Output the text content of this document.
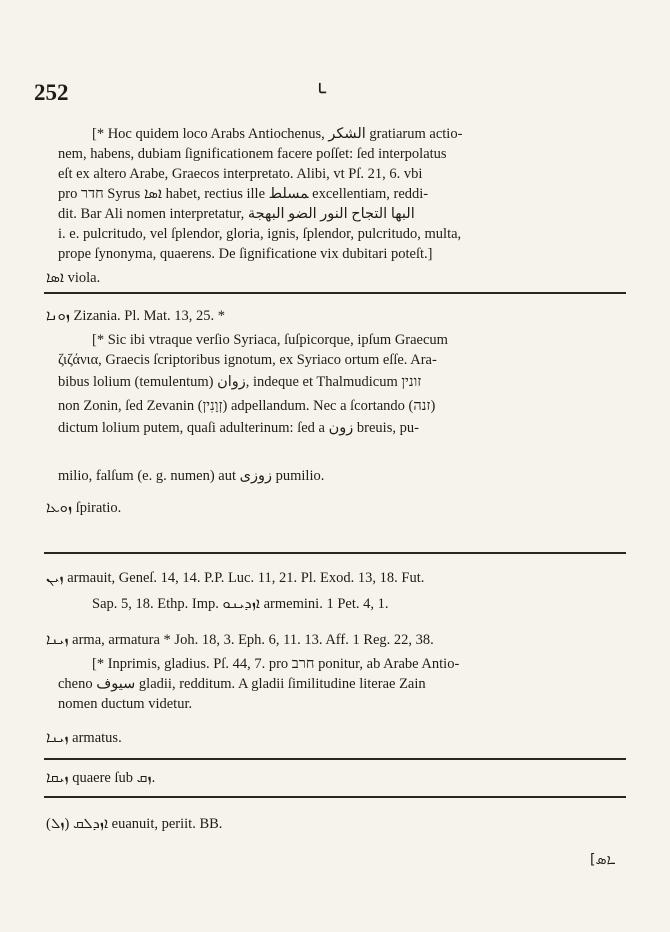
252	ـا
[* Hoc quidem loco Arabs Antiochenus, ﺍﻟﺸﻜﺮ gratiarum actio-
nem, habens, dubiam ſignificationem facere poſſet: ſed interpolatus
eſt ex altero Arabe, Graecos interpretato. Alibi, vt Pſ. 21, 6. vbi
pro חדר Syrus ܐܣܐ habet, rectius ille ﻤﺴﻠﻂ excellentiam, reddi-
dit. Bar Ali nomen interpretatur, ﺍﻟﺒﻬﺎ ﺍﻟﺘﺠﺎﺡ ﺍﻟﻨﻮﺭ ﺍﻟﻀﻮ ﺍﻟﺒﻬﺠﺔ
i. e. pulcritudo, vel ſplendor, gloria, ignis, ſplendor, pulcritudo, multa,
prope ſynonyma, quaerens. De ſignificatione vix dubitari poteſt.]
ܐܣܐ viola.
ܙܘܢܐ Zizania. Pl. Mat. 13, 25. *
[* Sic ibi vtraque verſio Syriaca, ſuſpicorque, ipſum Graecum
ζιζάνια, Graecis ſcriptoribus ignotum, ex Syriaco ortum eſſe. Ara-
bibus lolium (temulentum) ﺯﻭﺍﻥ, indeque et Thalmudicum זונין
non Zonin, ſed Zevanin (זְוָנִין) adpellandum. Nec a ſcortando (זנה)
dictum lolium putem, quaſi adulterinum: ſed a ﺯﻭﻥ breuis, pu-
milio, falſum (e. g. numen) aut ﺯﻭﺯﻯ pumilio.
ܙܘܥܐ ſpiratio.
ܙܝܢ armauit, Geneſ. 14, 14. P.P. Luc. 11, 21. Pl. Exod. 13, 18. Fut.
Sap. 5, 18. Ethp. Imp. ܐܙܕܝܢܘ armemini. 1 Pet. 4, 1.
ܙܝܢܐ arma, armatura * Joh. 18, 3. Eph. 6, 11. 13. Aff. 1 Reg. 22, 38.
[* Inprimis, gladius. Pſ. 44, 7. pro חרב ponitur, ab Arabe Antio-
cheno ﺳﻴﻮﻑ gladii, redditum. A gladii ſimilitudine literae Zain
nomen ductum videtur.
ܙܝܢܐ armatus.
ܙܝܩܐ quaere ſub ܙܩ.
(ܙܠ) ܐܙܕܠܩ euanuit, periit. BB.
[ـܐܣ
